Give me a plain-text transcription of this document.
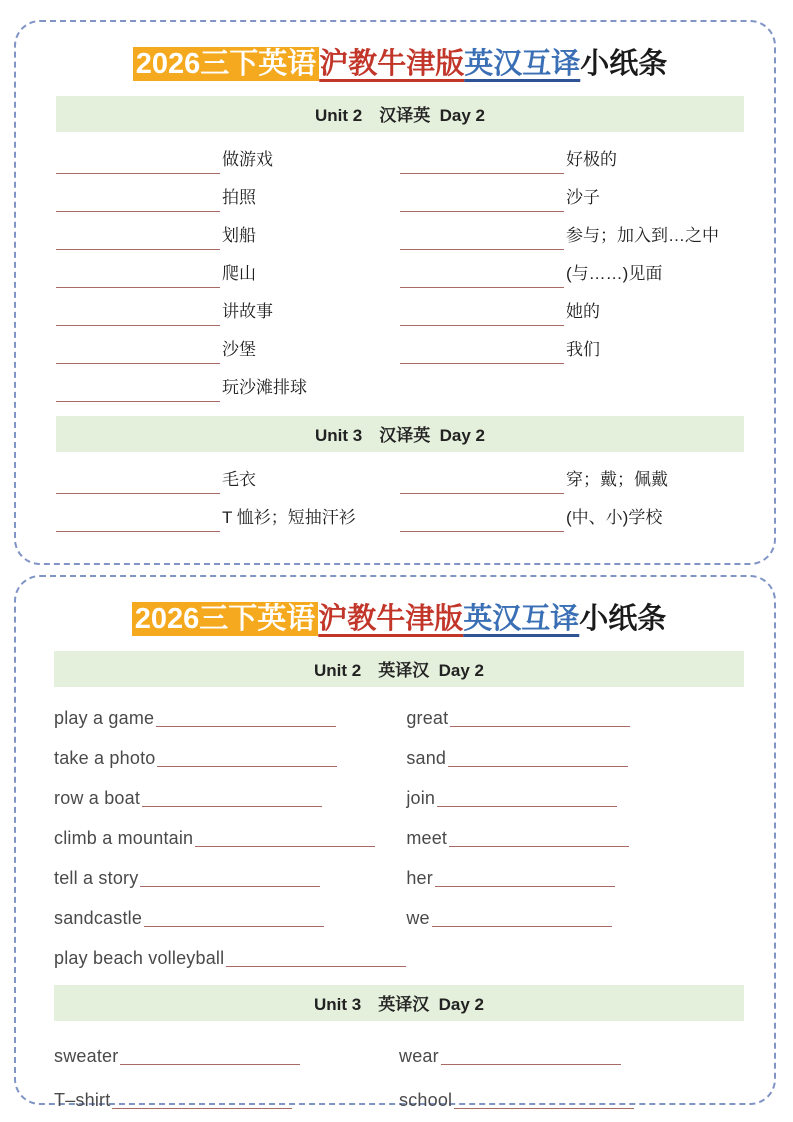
2026三下英语 沪教牛津版英汉互译小纸条
Unit 2　汉译英  Day 2
做游戏
拍照
划船
爬山
讲故事
沙堡
玩沙滩排球
好极的
沙子
参与；加入到…之中
(与……)见面
她的
我们
Unit 3　汉译英  Day 2
毛衣
T 恤衫；短抽汗衫
穿；戴；佩戴
(中、小)学校
2026三下英语 沪教牛津版英汉互译小纸条
Unit 2　英译汉  Day 2
play a game
take a photo
row a boat
climb a mountain
tell a story
sandcastle
play beach volleyball
great
sand
join
meet
her
we
Unit 3　英译汉  Day 2
sweater
T–shirt
wear
school
